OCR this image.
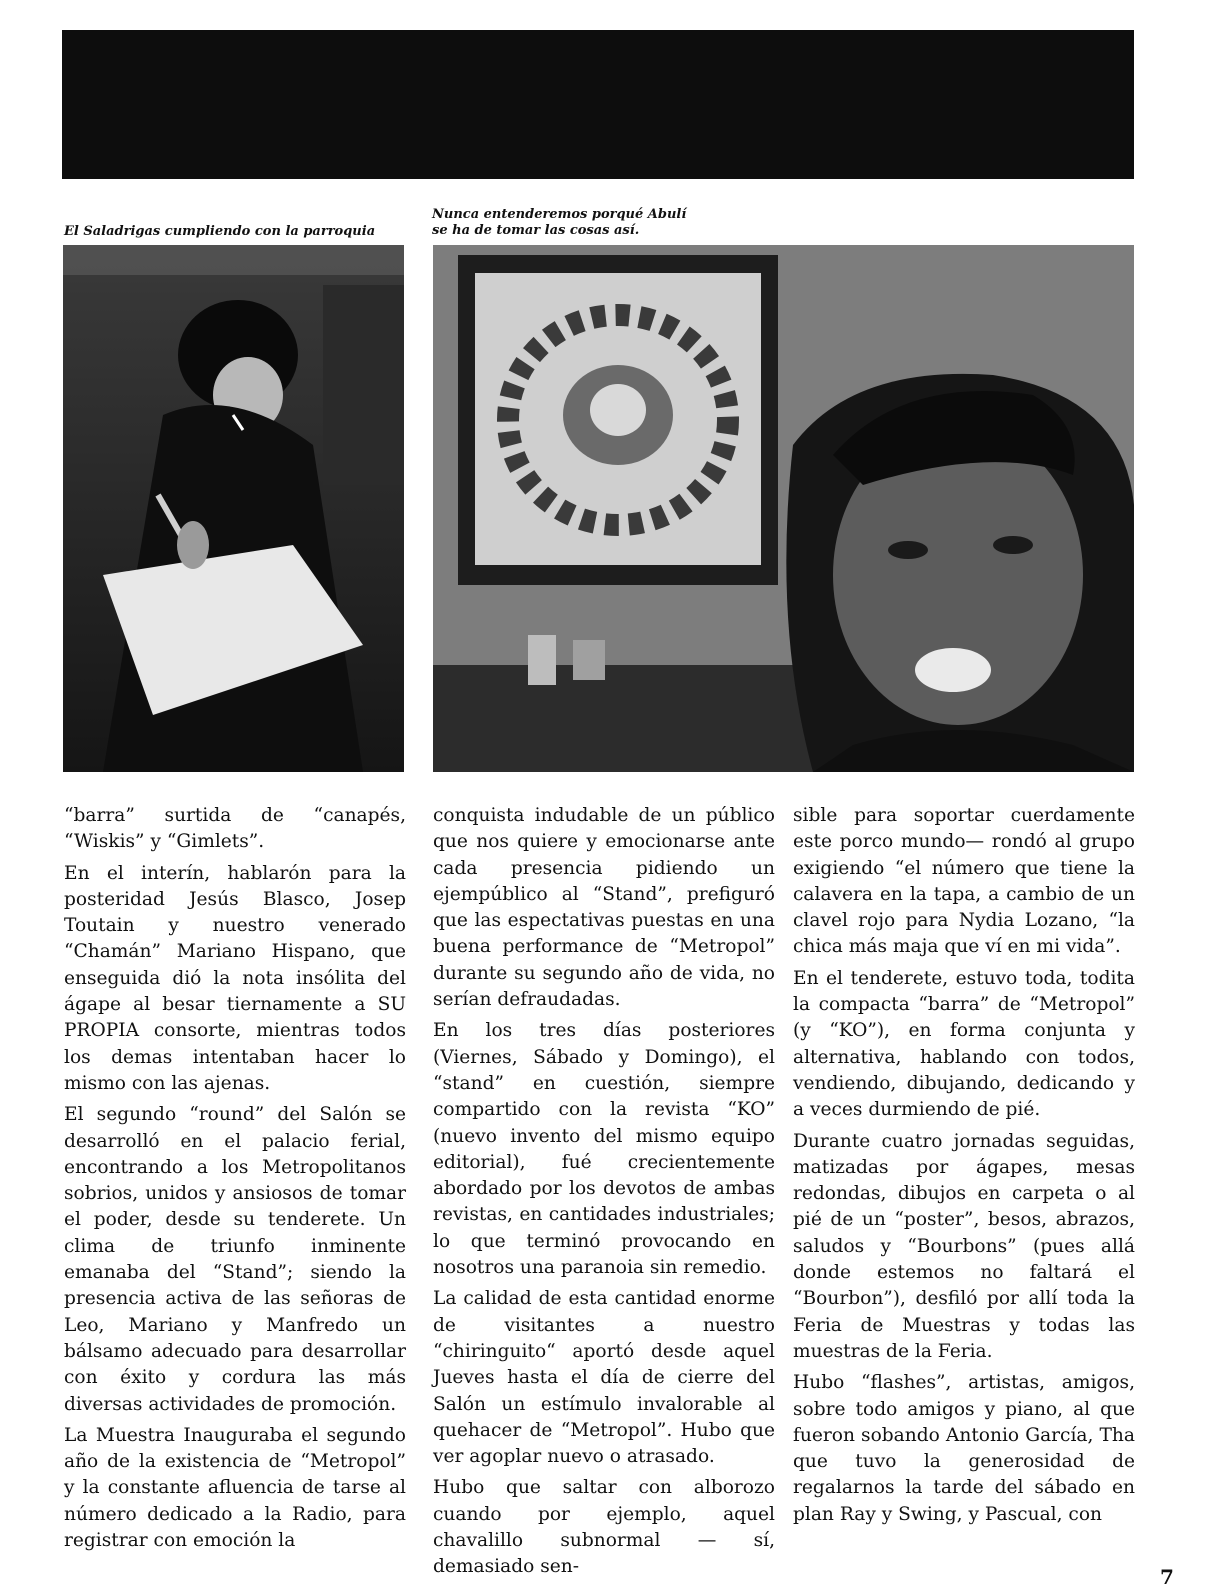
El Saladrigas cumpliendo con la parroquia
Nunca entenderemos porqué Abulí
se ha de tomar las cosas así.

“barra” surtida de “canapés, “Wiskis” y “Gimlets”.

En el interín, hablarón para la posteridad Jesús Blasco, Josep Toutain y nuestro venerado “Chamán” Mariano Hispano, que enseguida dió la nota insólita del ágape al besar tiernamente a SU PROPIA consorte, mientras todos los demas intentaban hacer lo mismo con las ajenas.

El segundo “round” del Salón se desarrolló en el palacio ferial, encontrando a los Metropolitanos sobrios, unidos y ansiosos de tomar el poder, desde su tenderete. Un clima de triunfo inminente emanaba del “Stand”; siendo la presencia activa de las señoras de Leo, Mariano y Manfredo un bálsamo adecuado para desarrollar con éxito y cordura las más diversas actividades de promoción.

La Muestra Inauguraba el segundo año de la existencia de “Metropol” y la constante afluencia de tarse al número dedicado a la Radio, para registrar con emoción la

conquista indudable de un público que nos quiere y emocionarse ante cada presencia pidiendo un ejempúblico al “Stand”, prefiguró que las espectativas puestas en una buena performance de “Metropol” durante su segundo año de vida, no serían defraudadas.

En los tres días posteriores (Viernes, Sábado y Domingo), el “stand” en cuestión, siempre compartido con la revista “KO” (nuevo invento del mismo equipo editorial), fué crecientemente abordado por los devotos de ambas revistas, en cantidades industriales; lo que terminó provocando en nosotros una paranoia sin remedio.

La calidad de esta cantidad enorme de visitantes a nuestro “chiringuito“ aportó desde aquel Jueves hasta el día de cierre del Salón un estímulo invalorable al quehacer de “Metropol”. Hubo que ver agoplar nuevo o atrasado.

Hubo que saltar con alborozo cuando por ejemplo, aquel chavalillo subnormal — sí, demasiado sen-

sible para soportar cuerdamente este porco mundo— rondó al grupo exigiendo “el número que tiene la calavera en la tapa, a cambio de un clavel rojo para Nydia Lozano, “la chica más maja que ví en mi vida”.

En el tenderete, estuvo toda, todita la compacta “barra” de “Metropol” (y “KO”), en forma conjunta y alternativa, hablando con todos, vendiendo, dibujando, dedicando y a veces durmiendo de pié.

Durante cuatro jornadas seguidas, matizadas por ágapes, mesas redondas, dibujos en carpeta o al pié de un “poster”, besos, abrazos, saludos y “Bourbons” (pues allá donde estemos no faltará el “Bourbon”), desfiló por allí toda la Feria de Muestras y todas las muestras de la Feria.

Hubo “flashes”, artistas, amigos, sobre todo amigos y piano, al que fueron sobando Antonio García, Tha que tuvo la generosidad de regalarnos la tarde del sábado en plan Ray y Swing, y Pascual, con

7
